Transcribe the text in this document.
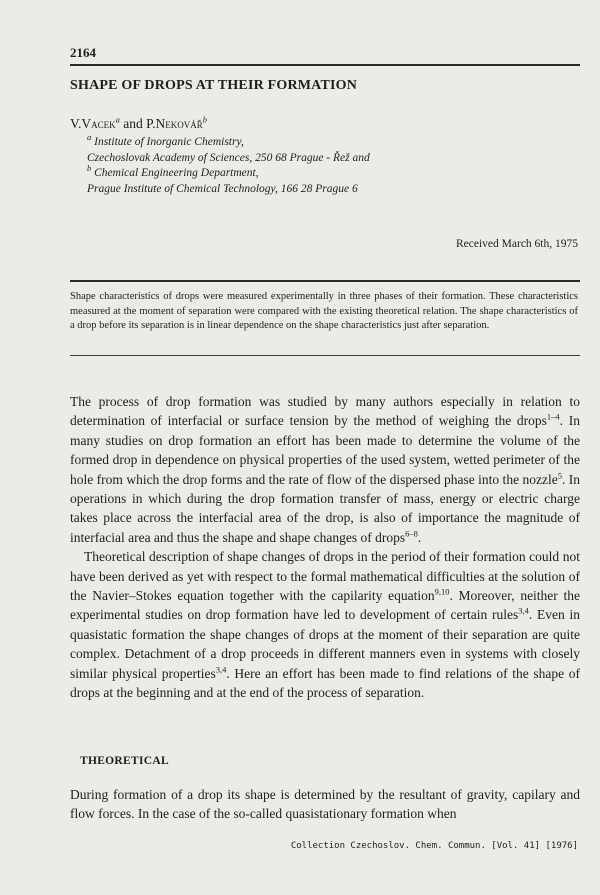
2164
SHAPE OF DROPS AT THEIR FORMATION
V.Vacek$^a$ and P.Nekovář$^b$
$^a$ Institute of Inorganic Chemistry,
Czechoslovak Academy of Sciences, 250 68 Prague - Řež and
$^b$ Chemical Engineering Department,
Prague Institute of Chemical Technology, 166 28 Prague 6
Received March 6th, 1975
Shape characteristics of drops were measured experimentally in three phases of their formation. These characteristics measured at the moment of separation were compared with the existing theoretical relation. The shape characteristics of a drop before its separation is in linear dependence on the shape characteristics just after separation.

The process of drop formation was studied by many authors especially in relation to determination of interfacial or surface tension by the method of weighing the drops$^{1-4}$. In many studies on drop formation an effort has been made to determine the volume of the formed drop in dependence on physical properties of the used system, wetted perimeter of the hole from which the drop forms and the rate of flow of the dispersed phase into the nozzle$^5$. In operations in which during the drop formation transfer of mass, energy or electric charge takes place across the interfacial area of the drop, is also of importance the magnitude of interfacial area and thus the shape and shape changes of drops$^{6-8}$.

Theoretical description of shape changes of drops in the period of their formation could not have been derived as yet with respect to the formal mathematical difficulties at the solution of the Navier–Stokes equation together with the capilarity equation$^{9,10}$. Moreover, neither the experimental studies on drop formation have led to development of certain rules$^{3,4}$. Even in quasistatic formation the shape changes of drops at the moment of their separation are quite complex. Detachment of a drop proceeds in different manners even in systems with closely similar physical properties$^{3,4}$. Here an effort has been made to find relations of the shape of drops at the beginning and at the end of the process of separation.

THEORETICAL

During formation of a drop its shape is determined by the resultant of gravity, capilary and flow forces. In the case of the so-called quasistationary formation when

Collection Czechoslov. Chem. Commun. [Vol. 41] [1976]
